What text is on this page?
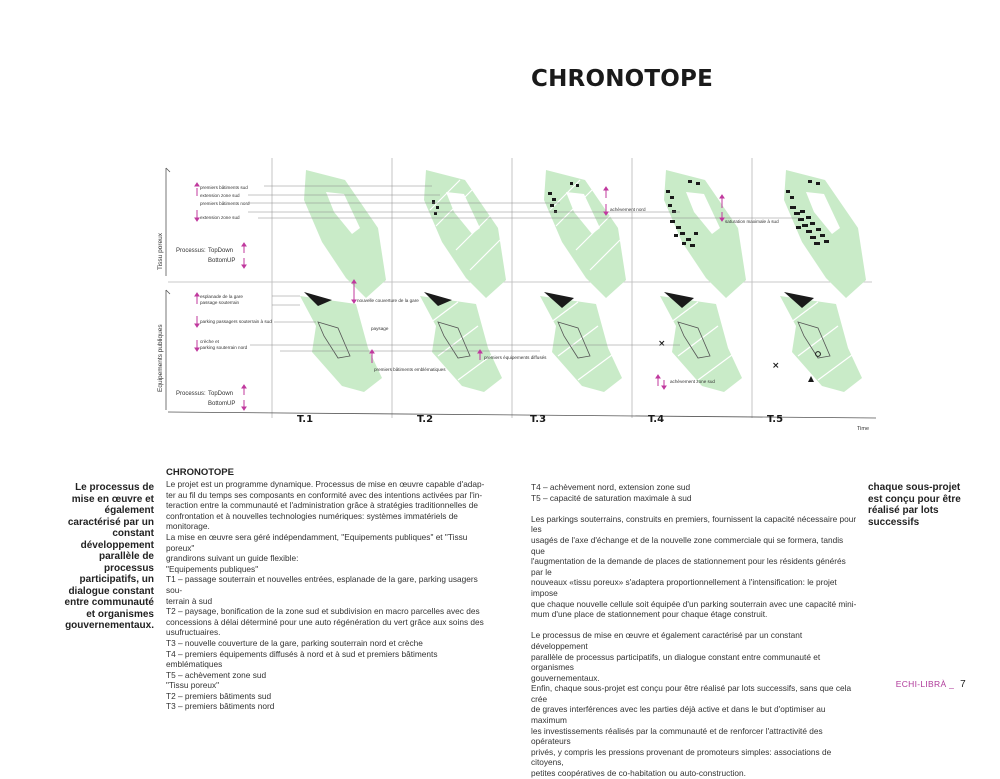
CHRONOTOPE
×
×
premiers bâtiments sud
extension zone sud
premiers bâtiments nord
extension zone sud
esplanade de la gare
passage souterrain
parking passagers souterrain à sud
crèche et
parking souterrain nord
achèvement nord
saturation maximale à sud
nouvelle couverture de la gare
paysage
premiers équipements diffusés
premiers bâtiments emblématiques
achèvement zone sud
Processus: TopDown
BottomUP
Processus: TopDown
BottomUP
Tissu poreux
Equipements publiques
Time
T.1	T.2	T.3	T.4	T.5
Le processus de mise en œuvre et également caractérisé par un constant développement parallèle de processus participatifs, un dialogue constant entre communauté et organismes gouvernementaux.
chaque sous-projet est conçu pour être réalisé par lots successifs
CHRONOTOPE
Le projet est un programme dynamique. Processus de mise en œuvre capable d'adap-
ter au fil du temps ses composants en conformité avec des intentions activées par l'in-
teraction entre la communauté et l'administration grâce à stratégies traditionnelles de
confrontation et à nouvelles technologies numériques: systèmes immatériels de monitorage.
La mise en œuvre sera géré indépendamment, "Equipements publiques" et "Tissu poreux"
grandirons suivant un guide flexible:
"Equipements publiques"
T1 – passage souterrain et nouvelles entrées, esplanade de la gare, parking usagers sou-
terrain à sud
T2 – paysage, bonification de la zone sud et subdivision en macro parcelles avec des
concessions à délai déterminé pour une auto régénération du vert grâce aux soins des
usufructuaires.
T3 – nouvelle couverture de la gare, parking souterrain nord et crèche
T4 – premiers équipements diffusés à nord et à sud et premiers bâtiments emblématiques
T5 – achèvement zone sud
"Tissu poreux"
T2 – premiers bâtiments sud
T3 – premiers bâtiments nord
T4 – achèvement nord, extension zone sud
T5 – capacité de saturation maximale à sud
Les parkings souterrains, construits en premiers, fournissent la capacité nécessaire pour les
usagés de l'axe d'échange et de la nouvelle zone commerciale qui se formera, tandis que
l'augmentation de la demande de places de stationnement pour les résidents générés par le
nouveaux «tissu poreux» s'adaptera proportionnellement à l'intensification: le projet impose
que chaque nouvelle cellule soit équipée d'un parking souterrain avec une capacité mini-
mum d'une place de stationnement pour chaque étage construit.
Le processus de mise en œuvre et également caractérisé par un constant développement
parallèle de processus participatifs, un dialogue constant entre communauté et organismes
gouvernementaux.
Enfin, chaque sous-projet est conçu pour être réalisé par lots successifs, sans que cela crée
de graves interférences avec les parties déjà active et dans le but d'optimiser au maximum
les investissements réalisés par la communauté et de renforcer l'attractivité des opérateurs
privés, y compris les pressions provenant de promoteurs simples: associations de citoyens,
petites coopératives de co-habitation ou auto-construction.
ECHI-LIBRÀ _ 7
